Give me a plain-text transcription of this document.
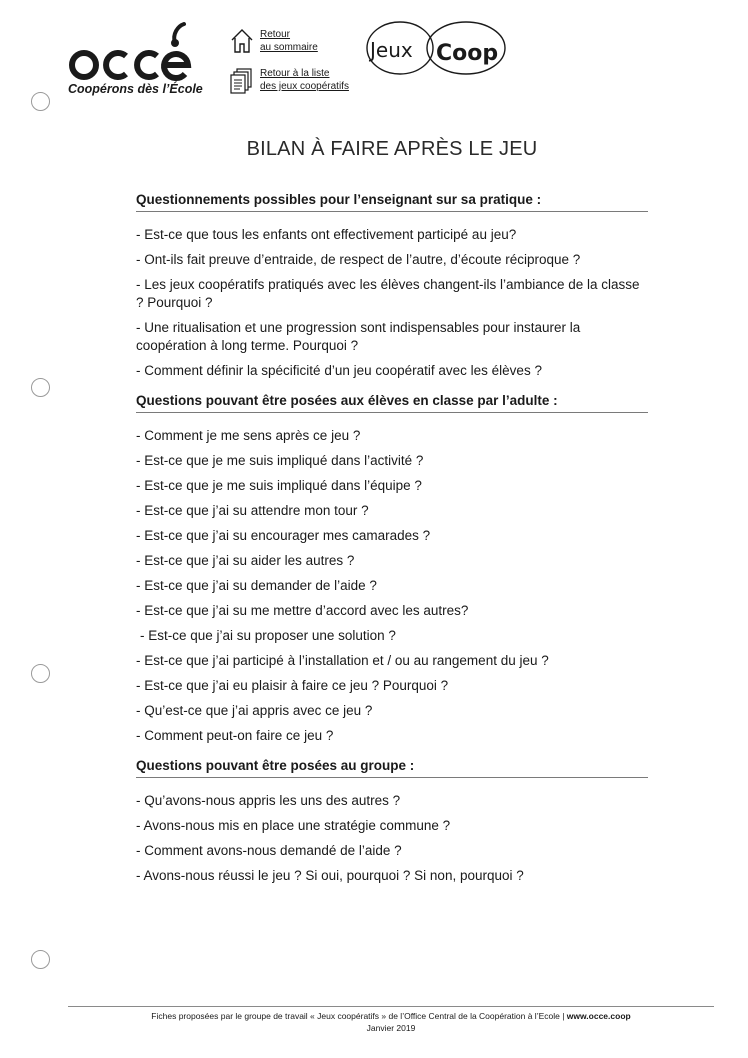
Coopérons dès l’École
Retour
au sommaire
Retour à la liste
des jeux coopératifs
Jeux Coop
BILAN À FAIRE APRÈS LE JEU
Questionnements possibles pour l’enseignant sur sa pratique :
- Est-ce que tous les enfants ont effectivement participé au jeu?
- Ont-ils fait preuve d’entraide, de respect de l’autre, d’écoute réciproque ?
- Les jeux coopératifs pratiqués avec les élèves changent-ils l’ambiance de la classe ? Pourquoi ?
- Une ritualisation et une progression sont indispensables pour instaurer la coopération à long terme. Pourquoi ?
- Comment définir la spécificité d’un jeu coopératif avec les élèves ?
Questions pouvant être posées aux élèves en classe par l’adulte :
- Comment je me sens après ce jeu ?
- Est-ce que je me suis impliqué dans l’activité ?
- Est-ce que je me suis impliqué dans l’équipe ?
- Est-ce que j’ai su attendre mon tour ?
- Est-ce que j’ai su encourager mes camarades ?
- Est-ce que j’ai su aider les autres ?
- Est-ce que j’ai su demander de l’aide ?
- Est-ce que j’ai su me mettre d’accord avec les autres?
- Est-ce que j’ai su proposer une solution ?
- Est-ce que j’ai participé à l’installation et / ou au rangement du jeu ?
- Est-ce que j’ai eu plaisir à faire ce jeu ? Pourquoi ?
- Qu’est-ce que j’ai appris avec ce jeu ?
- Comment peut-on faire ce jeu ?
Questions pouvant être posées au groupe :
- Qu’avons-nous appris les uns des autres ?
- Avons-nous mis en place une stratégie commune ?
- Comment avons-nous demandé de l’aide ?
- Avons-nous réussi le jeu ? Si oui, pourquoi ? Si non, pourquoi ?
Fiches proposées par le groupe de travail « Jeux coopératifs » de l’Office Central de la Coopération à l’Ecole | www.occe.coop
Janvier 2019
